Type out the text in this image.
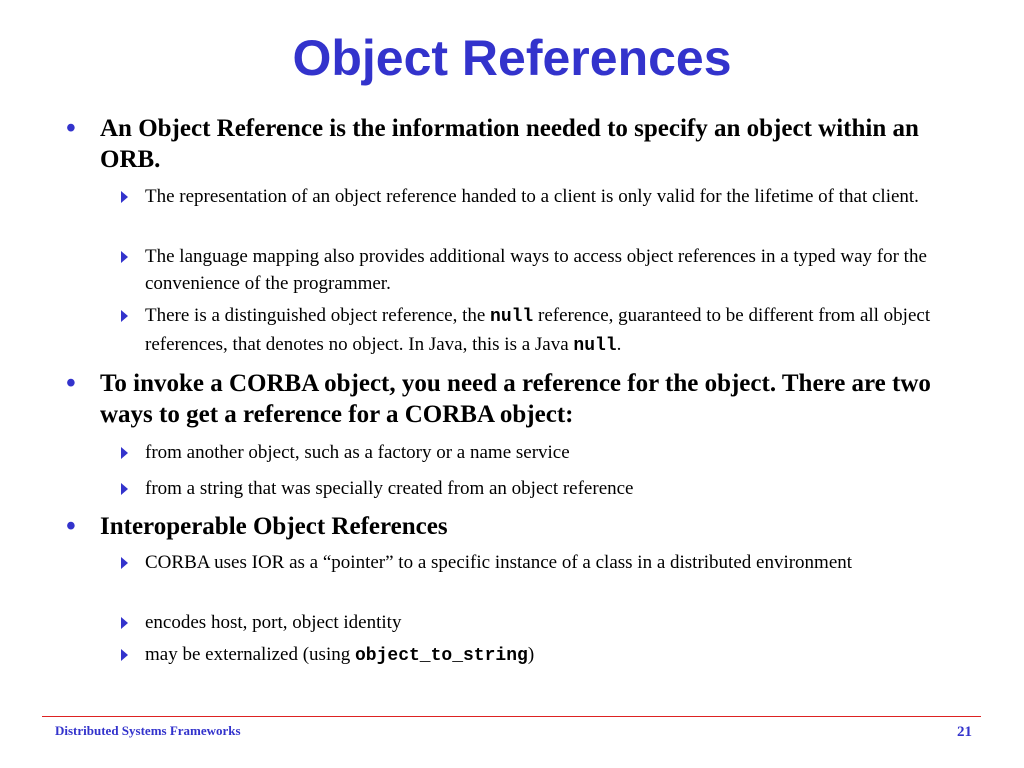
Object References
• An Object Reference is the information needed to specify an object within an ORB.
The representation of an object reference handed to a client is only valid for the lifetime of that client.
The language mapping also provides additional ways to access object references in a typed way for the convenience of the programmer.
There is a distinguished object reference, the null reference, guaranteed to be different from all object references, that denotes no object. In Java, this is a Java null.
• To invoke a CORBA object, you need a reference for the object. There are two ways to get a reference for a CORBA object:
from another object, such as a factory or a name service
from a string that was specially created from an object reference
• Interoperable Object References
CORBA uses IOR as a “pointer” to a specific instance of a class in a distributed environment
encodes host, port, object identity
may be externalized (using object_to_string)
Distributed Systems Frameworks	21
